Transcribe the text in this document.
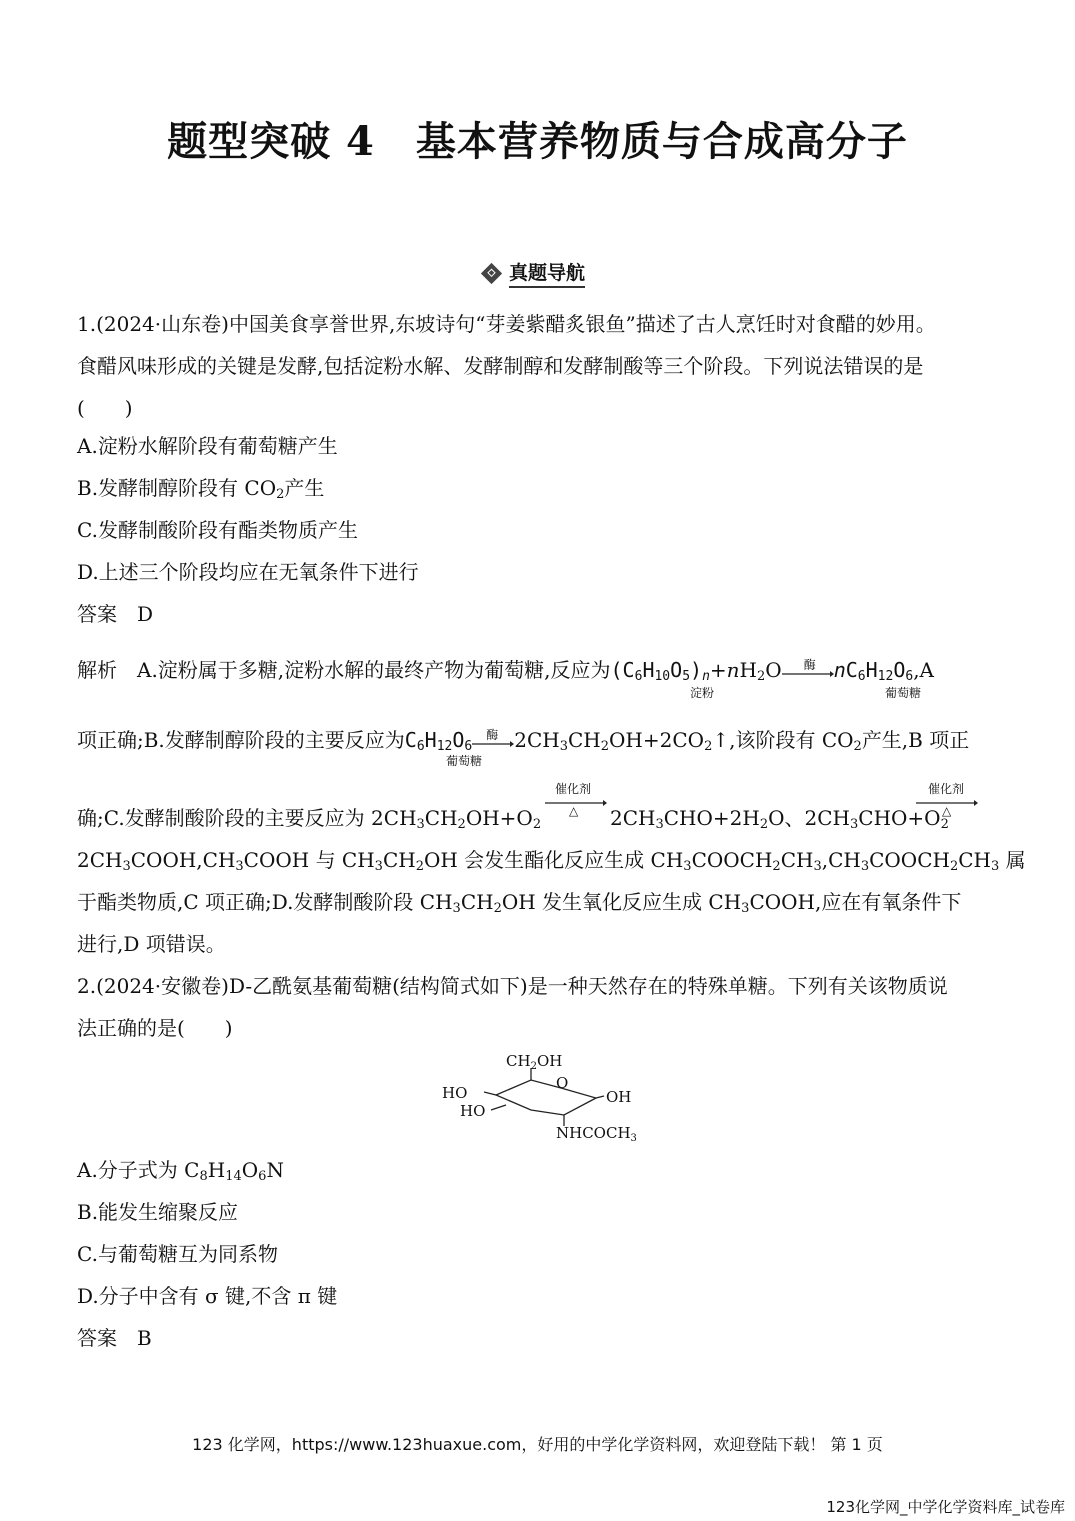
题型突破 4　基本营养物质与合成高分子
真题导航
1.(2024·山东卷)中国美食享誉世界,东坡诗句“芽姜紫醋炙银鱼”描述了古人烹饪时对食醋的妙用。
食醋风味形成的关键是发酵,包括淀粉水解、发酵制醇和发酵制酸等三个阶段。下列说法错误的是
(　　)
A.淀粉水解阶段有葡萄糖产生
B.发酵制醇阶段有 $CO_2$产生
C.发酵制酸阶段有酯类物质产生
D.上述三个阶段均应在无氧条件下进行
答案　D
解析　A.淀粉属于多糖,淀粉水解的最终产物为葡萄糖,反应为$(C_6H_{10}O_5)_n+nH_2O$ 酶 $nC_6H_{12}O_6,A$
淀粉	葡萄糖
项正确;B.发酵制醇阶段的主要反应为$C_6H_{12}O_6$
酶 $2CH_3CH_2OH+2CO_2↑$,该阶段有 $CO_2$产生,B 项正
葡萄糖
确;C.发酵制酸阶段的主要反应为 $2CH_3CH_2OH+O_2$
催化剂
△ $2CH_3CHO+2H_2O$、$2CH_3CHO+O_2$
催化剂
△
$2CH_3COOH,CH_3COOH$ 与 $CH_3CH_2OH$ 会发生酯化反应生成 $CH_3COOCH_2CH_3,CH_3COOCH_2CH_3$ 属
于酯类物质,C 项正确;D.发酵制酸阶段 $CH_3CH_2OH$ 发生氧化反应生成 $CH_3COOH$,应在有氧条件下
进行,D 项错误。
2.(2024·安徽卷)D-乙酰氨基葡萄糖(结构简式如下)是一种天然存在的特殊单糖。下列有关该物质说
法正确的是(　　)
$CH_2OH$
O
HO
HO
OH
$NHCOCH_3$
A.分子式为 $C_8H_{14}O_6N$
B.能发生缩聚反应
C.与葡萄糖互为同系物
D.分子中含有 σ 键,不含 π 键
答案　B
123 化学网，https://www.123huaxue.com，好用的中学化学资料网，欢迎登陆下载！ 第 1 页
123化学网_中学化学资料库_试卷库
